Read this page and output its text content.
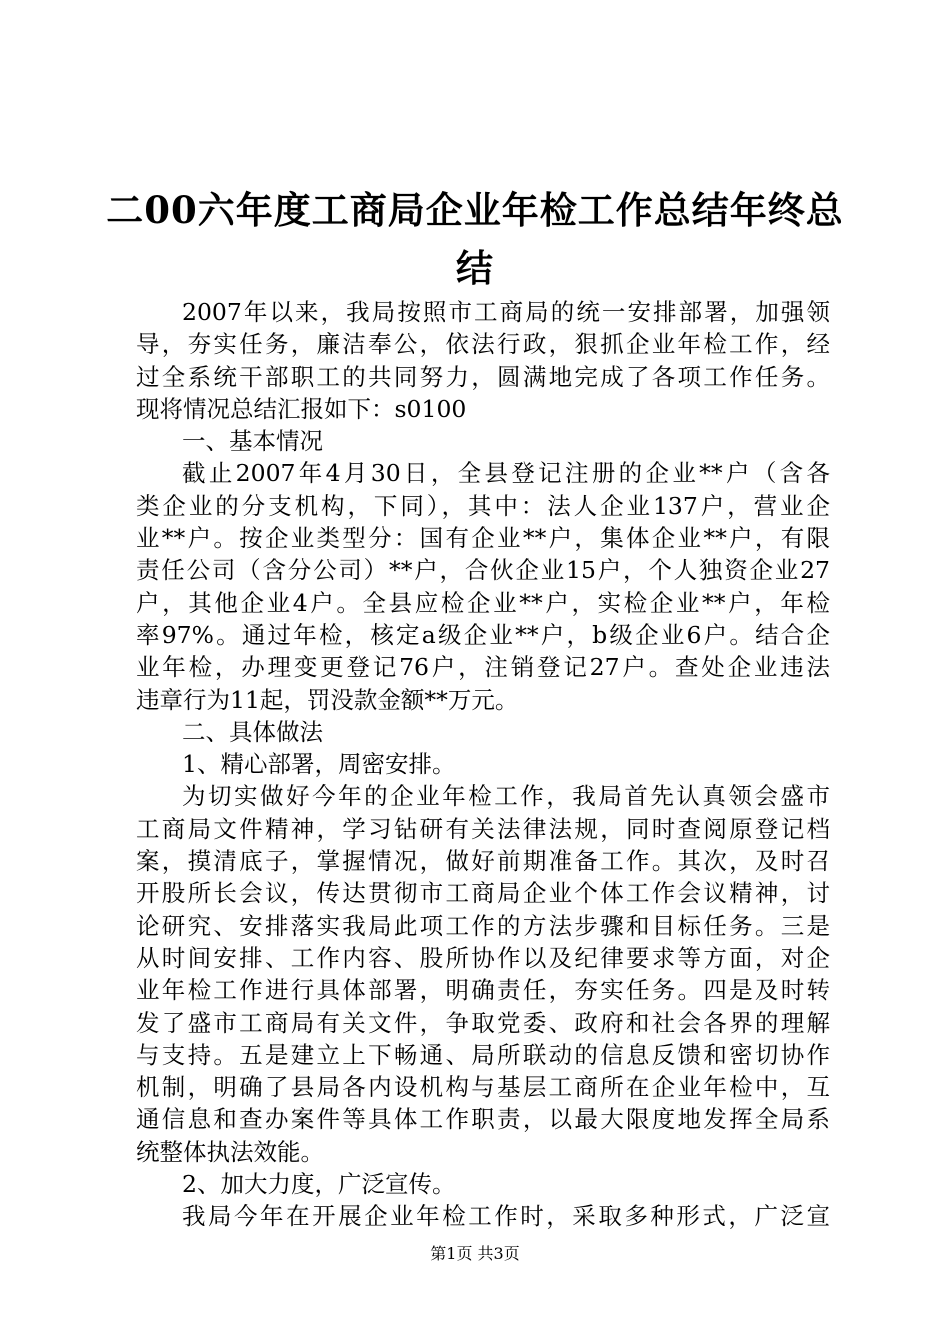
二00六年度工商局企业年检工作总结年终总
结
2007年以来，我局按照市工商局的统一安排部署，加强领
导，夯实任务，廉洁奉公，依法行政，狠抓企业年检工作，经
过全系统干部职工的共同努力，圆满地完成了各项工作任务。
现将情况总结汇报如下：s0100
一、基本情况
截止2007年4月30日，全县登记注册的企业**户（含各
类企业的分支机构，下同），其中：法人企业137户，营业企
业**户。按企业类型分：国有企业**户，集体企业**户，有限
责任公司（含分公司）**户，合伙企业15户，个人独资企业27
户，其他企业4户。全县应检企业**户，实检企业**户，年检
率97%。通过年检，核定a级企业**户，b级企业6户。结合企
业年检，办理变更登记76户，注销登记27户。查处企业违法
违章行为11起，罚没款金额**万元。
二、具体做法
1、精心部署，周密安排。
为切实做好今年的企业年检工作，我局首先认真领会盛市
工商局文件精神，学习钻研有关法律法规，同时查阅原登记档
案，摸清底子，掌握情况，做好前期准备工作。其次，及时召
开股所长会议，传达贯彻市工商局企业个体工作会议精神，讨
论研究、安排落实我局此项工作的方法步骤和目标任务。三是
从时间安排、工作内容、股所协作以及纪律要求等方面，对企
业年检工作进行具体部署，明确责任，夯实任务。四是及时转
发了盛市工商局有关文件，争取党委、政府和社会各界的理解
与支持。五是建立上下畅通、局所联动的信息反馈和密切协作
机制，明确了县局各内设机构与基层工商所在企业年检中，互
通信息和查办案件等具体工作职责，以最大限度地发挥全局系
统整体执法效能。
2、加大力度，广泛宣传。
我局今年在开展企业年检工作时，采取多种形式，广泛宣
第1页 共3页
